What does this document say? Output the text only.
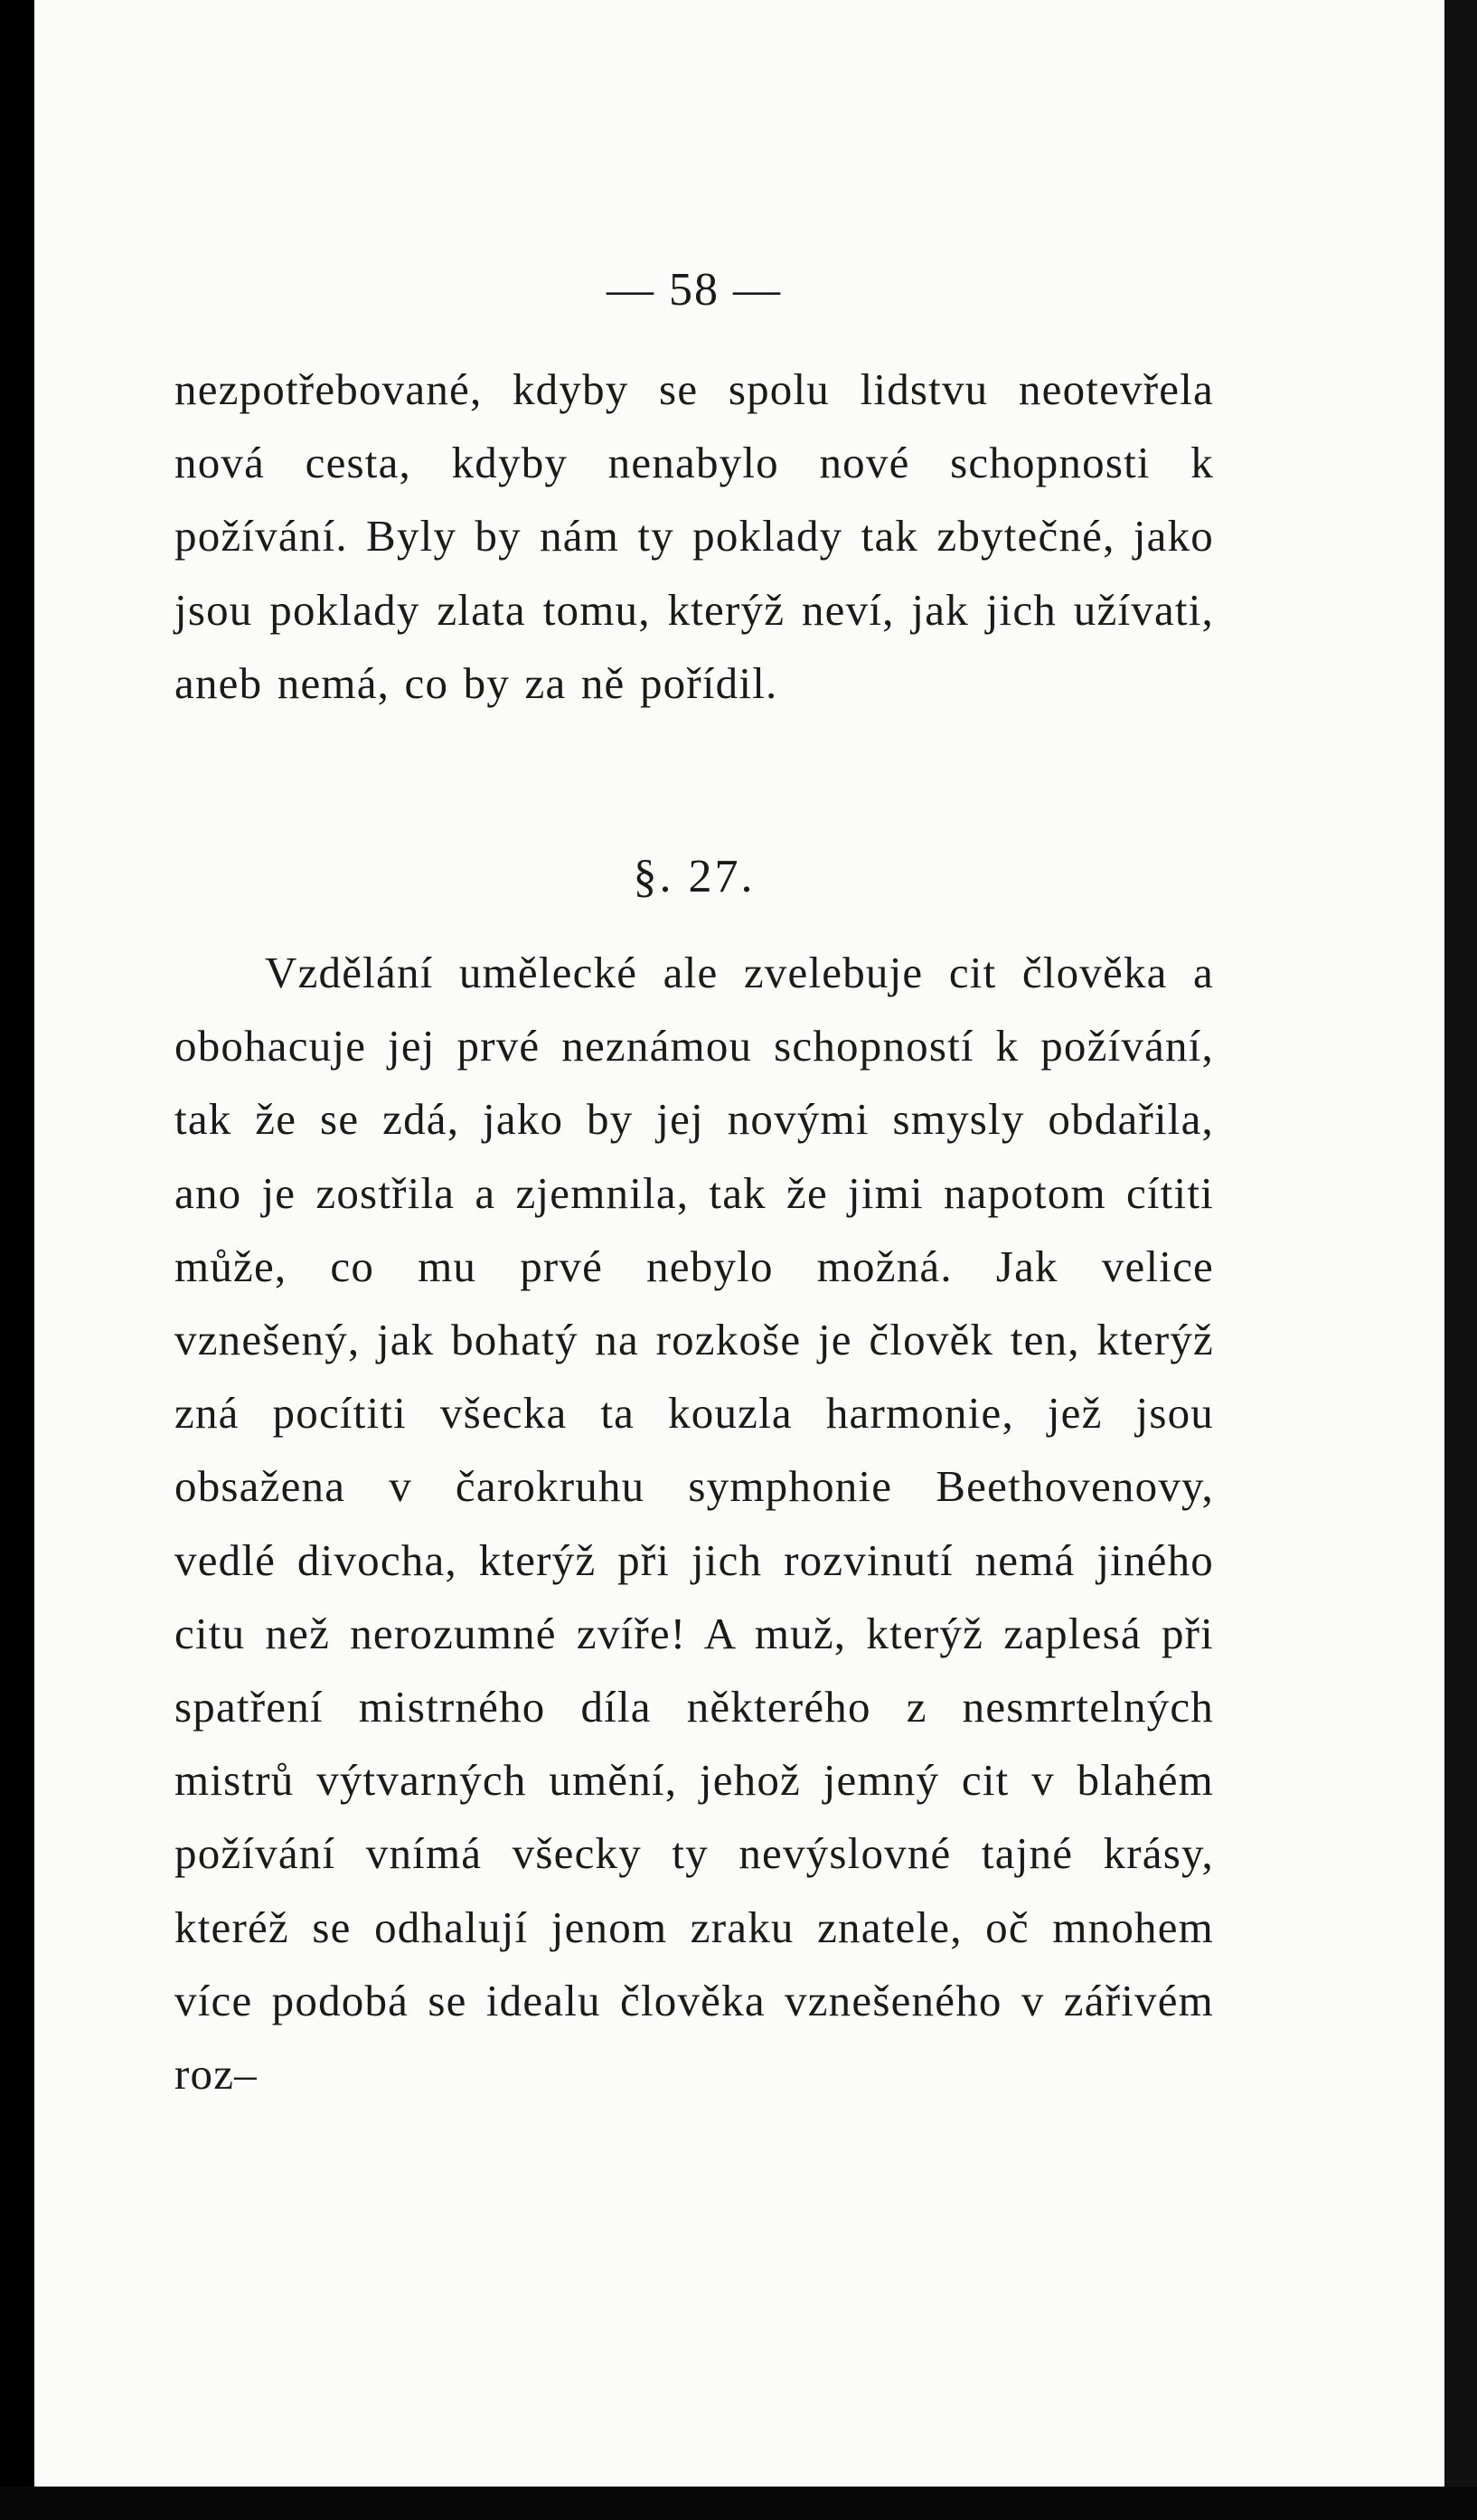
— 58 —

nezpotřebované, kdyby se spolu lidstvu neotevřela nová cesta, kdyby nenabylo nové schopnosti k požívání. Byly by nám ty poklady tak zbytečné, jako jsou poklady zlata tomu, kterýž neví, jak jich užívati, aneb nemá, co by za ně pořídil.

§. 27.

Vzdělání umělecké ale zvelebuje cit člověka a obohacuje jej prvé neznámou schopností k požívání, tak že se zdá, jako by jej novými smysly obdařila, ano je zostřila a zjemnila, tak že jimi napotom cítiti může, co mu prvé nebylo možná. Jak velice vznešený, jak bohatý na rozkoše je člověk ten, kterýž zná pocítiti všecka ta kouzla harmonie, jež jsou obsažena v čarokruhu symphonie Beethovenovy, vedlé divocha, kterýž při jich rozvinutí nemá jiného citu než nerozumné zvíře! A muž, kterýž zaplesá při spatření mistrného díla některého z nesmrtelných mistrů výtvarných umění, jehož jemný cit v blahém požívání vnímá všecky ty nevýslovné tajné krásy, kteréž se odhalují jenom zraku znatele, oč mnohem více podobá se idealu člověka vznešeného v zářivém roz–
